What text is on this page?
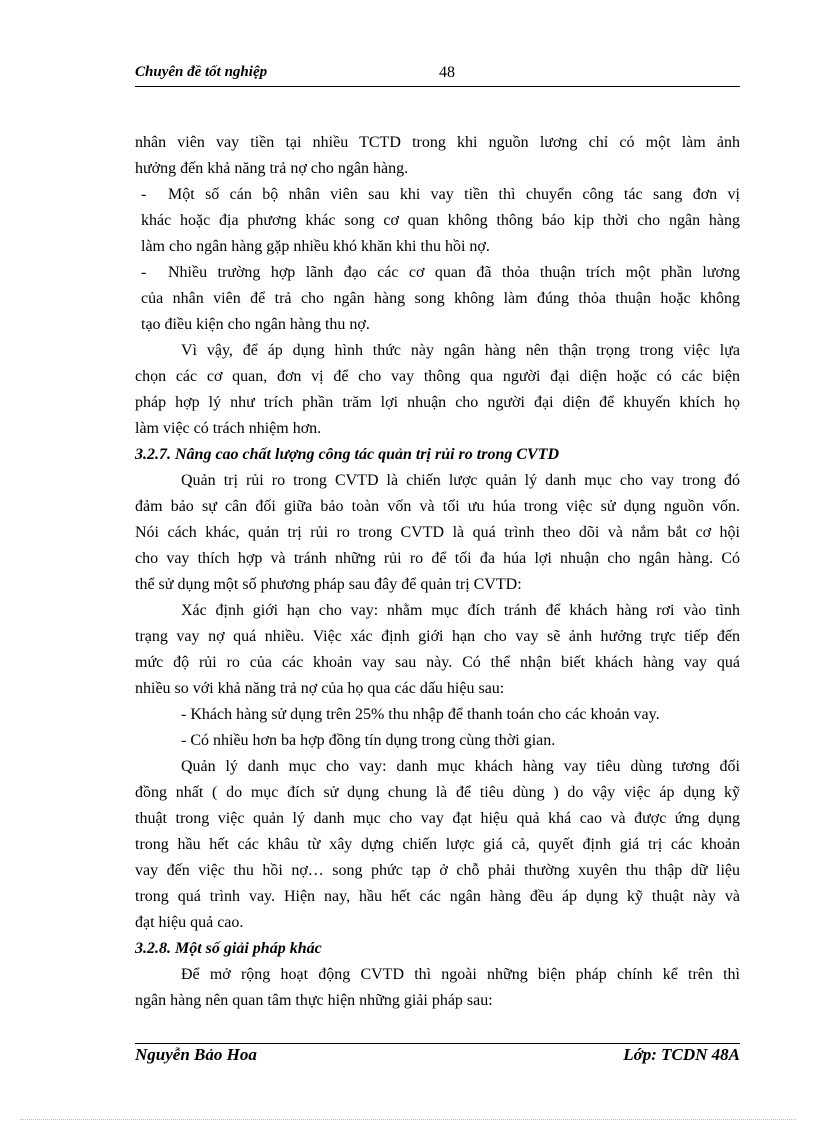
Chuyên đề tốt nghiệp	48

nhân viên vay tiền tại nhiều TCTD trong khi nguồn lương chỉ có một làm ảnh

hưởng đến khả năng trả nợ cho ngân hàng.

- Một số cán bộ nhân viên sau khi vay tiền thì chuyển công tác sang đơn vị

khác hoặc địa phương khác song cơ quan không thông báo kịp thời cho ngân hàng

làm cho ngân hàng gặp nhiều khó khăn khi thu hồi nợ.

- Nhiều trường hợp lãnh đạo các cơ quan đã thỏa thuận trích một phần lương

của nhân viên để trả cho ngân hàng song không làm đúng thỏa thuận hoặc không

tạo điều kiện cho ngân hàng thu nợ.

Vì vậy, để áp dụng hình thức này ngân hàng nên thận trọng trong việc lựa

chọn các cơ quan, đơn vị để cho vay thông qua người đại diện hoặc có các biện

pháp hợp lý như trích phần trăm lợi nhuận cho người đại diện để khuyến khích họ

làm việc có trách nhiệm hơn.

3.2.7. Nâng cao chất lượng công tác quản trị rủi ro trong CVTD

Quản trị rủi ro trong CVTD là chiến lược quản lý danh mục cho vay trong đó

đảm bảo sự cân đối giữa bảo toàn vốn và tối ưu húa trong việc sử dụng nguồn vốn.

Nói cách khác, quản trị rủi ro trong CVTD là quá trình theo dõi và nắm bắt cơ hội

cho vay thích hợp và tránh những rủi ro để tối đa húa lợi nhuận cho ngân hàng. Có

thể sử dụng một số phương pháp sau đây để quản trị CVTD:

Xác định giới hạn cho vay: nhằm mục đích tránh để khách hàng rơi vào tình

trạng vay nợ quá nhiều. Việc xác định giới hạn cho vay sẽ ảnh hưởng trực tiếp đến

mức độ rủi ro của các khoản vay sau này. Có thể nhận biết khách hàng vay quá

nhiều so với khả năng trả nợ của họ qua các dấu hiệu sau:

- Khách hàng sử dụng trên 25% thu nhập để thanh toán cho các khoản vay.

- Có nhiều hơn ba hợp đồng tín dụng trong cùng thời gian.

Quản lý danh mục cho vay: danh mục khách hàng vay tiêu dùng tương đối

đồng nhất ( do mục đích sử dụng chung là để tiêu dùng ) do vậy việc áp dụng kỹ

thuật trong việc quản lý danh mục cho vay đạt hiệu quả khá cao và được ứng dụng

trong hầu hết các khâu từ xây dựng chiến lược giá cả, quyết định giá trị các khoản

vay đến việc thu hồi nợ… song phức tạp ở chỗ phải thường xuyên thu thập dữ liệu

trong quá trình vay. Hiện nay, hầu hết các ngân hàng đều áp dụng kỹ thuật này và

đạt hiệu quả cao.

3.2.8. Một số giải pháp khác

Để mở rộng hoạt động CVTD thì ngoài những biện pháp chính kể trên thì

ngân hàng nên quan tâm thực hiện những giải pháp sau:

Nguyễn Bảo Hoa	Lớp: TCDN 48A
